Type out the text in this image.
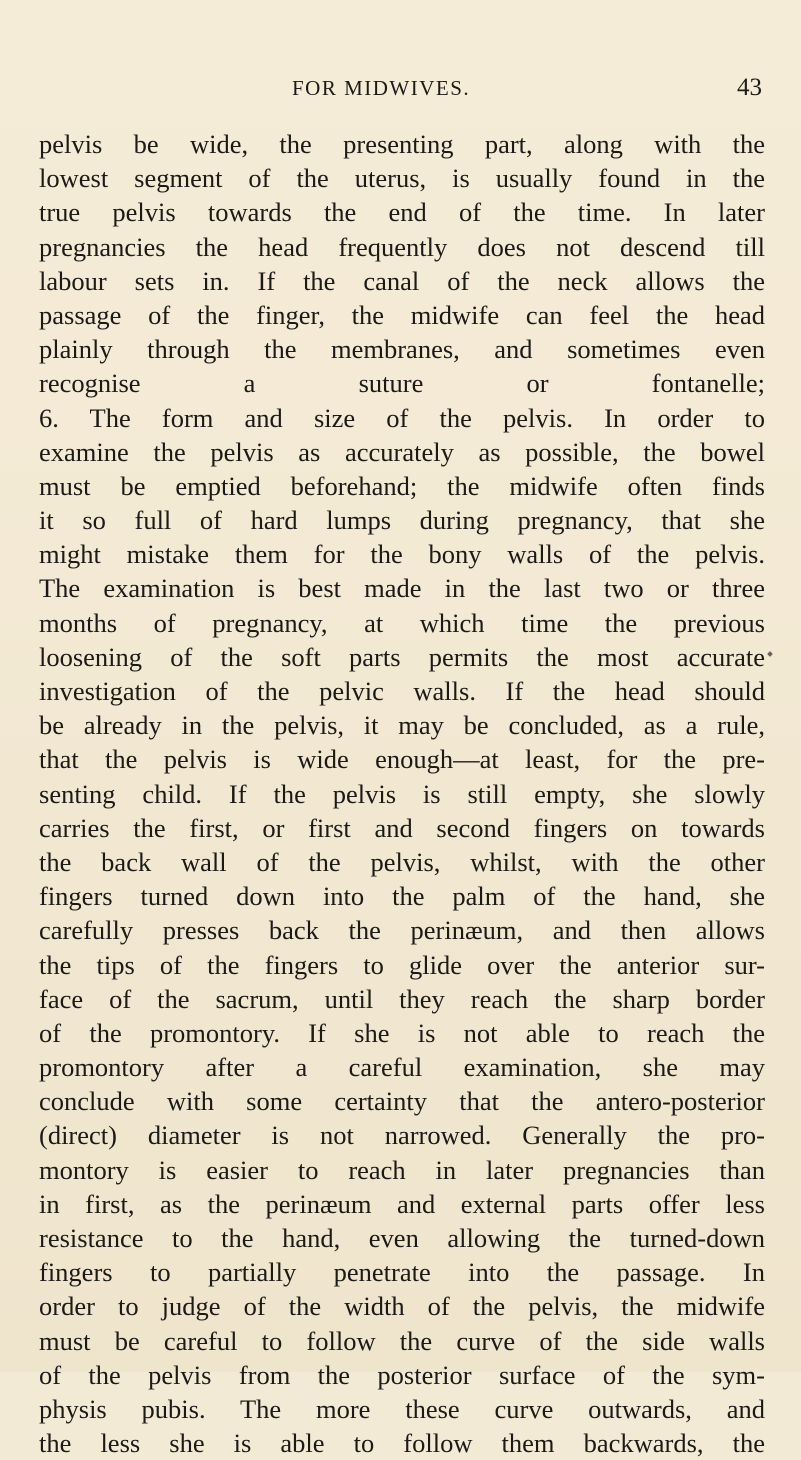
FOR MIDWIVES.	43
pelvis be wide, the presenting part, along with the
lowest segment of the uterus, is usually found in the
true pelvis towards the end of the time. In later
pregnancies the head frequently does not descend till
labour sets in. If the canal of the neck allows the
passage of the finger, the midwife can feel the head
plainly through the membranes, and sometimes even
recognise a suture or fontanelle;
6. The form and size of the pelvis. In order to
examine the pelvis as accurately as possible, the bowel
must be emptied beforehand; the midwife often finds
it so full of hard lumps during pregnancy, that she
might mistake them for the bony walls of the pelvis.
The examination is best made in the last two or three
months of pregnancy, at which time the previous
loosening of the soft parts permits the most accurate
investigation of the pelvic walls. If the head should
be already in the pelvis, it may be concluded, as a rule,
that the pelvis is wide enough—at least, for the pre-
senting child. If the pelvis is still empty, she slowly
carries the first, or first and second fingers on towards
the back wall of the pelvis, whilst, with the other
fingers turned down into the palm of the hand, she
carefully presses back the perinæum, and then allows
the tips of the fingers to glide over the anterior sur-
face of the sacrum, until they reach the sharp border
of the promontory. If she is not able to reach the
promontory after a careful examination, she may
conclude with some certainty that the antero-posterior
(direct) diameter is not narrowed. Generally the pro-
montory is easier to reach in later pregnancies than
in first, as the perinæum and external parts offer less
resistance to the hand, even allowing the turned-down
fingers to partially penetrate into the passage. In
order to judge of the width of the pelvis, the midwife
must be careful to follow the curve of the side walls
of the pelvis from the posterior surface of the sym-
physis pubis. The more these curve outwards, and
the less she is able to follow them backwards, the
